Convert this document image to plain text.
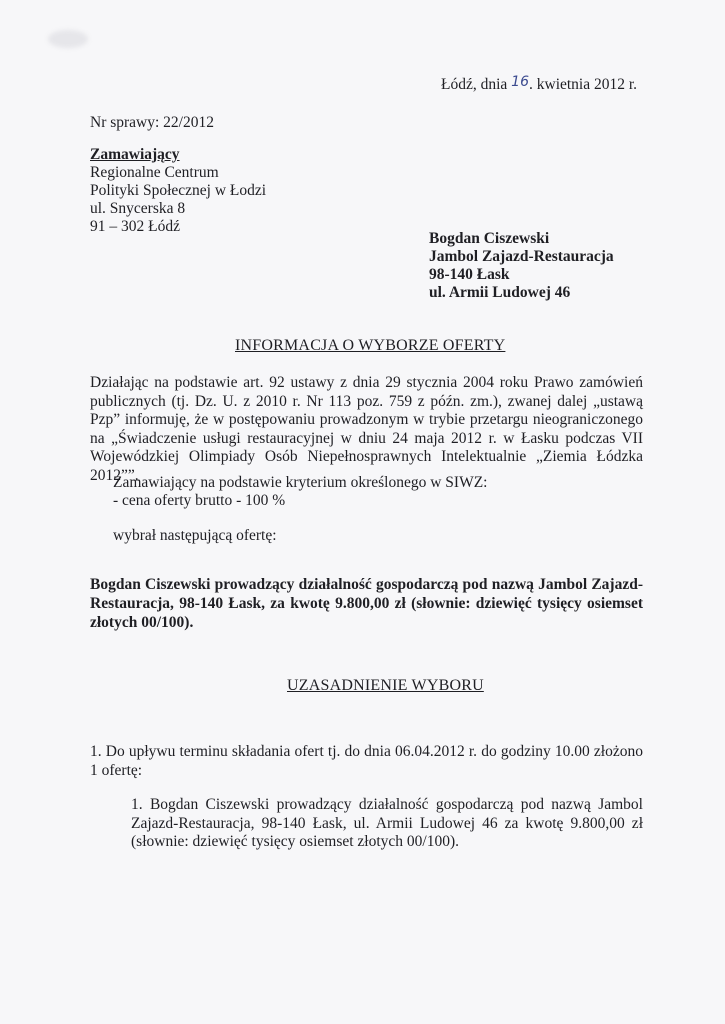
Łódź, dnia 16. kwietnia 2012 r.
Nr sprawy: 22/2012
Zamawiający
Regionalne Centrum
Polityki Społecznej w Łodzi
ul. Snycerska 8
91 – 302 Łódź
Bogdan Ciszewski
Jambol Zajazd-Restauracja
98-140 Łask
ul. Armii Ludowej 46
INFORMACJA O WYBORZE OFERTY
Działając na podstawie art. 92 ustawy z dnia 29 stycznia 2004 roku Prawo zamówień publicznych (tj. Dz. U. z 2010 r. Nr 113 poz. 759 z późn. zm.), zwanej dalej „ustawą Pzp” informuję, że w postępowaniu prowadzonym w trybie przetargu nieograniczonego na „Świadczenie usługi restauracyjnej w dniu 24 maja 2012 r. w Łasku podczas VII Wojewódzkiej Olimpiady Osób Niepełnosprawnych Intelektualnie „Ziemia Łódzka 2012””.
Zamawiający na podstawie kryterium określonego w SIWZ:
- cena oferty brutto - 100 %
wybrał następującą ofertę:
Bogdan Ciszewski prowadzący działalność gospodarczą pod nazwą Jambol Zajazd-Restauracja, 98-140 Łask, za kwotę 9.800,00 zł (słownie: dziewięć tysięcy osiemset złotych 00/100).
UZASADNIENIE WYBORU
1. Do upływu terminu składania ofert tj. do dnia 06.04.2012 r. do godziny 10.00 złożono 1 ofertę:
1. Bogdan Ciszewski prowadzący działalność gospodarczą pod nazwą Jambol Zajazd-Restauracja, 98-140 Łask, ul. Armii Ludowej 46 za kwotę 9.800,00 zł (słownie: dziewięć tysięcy osiemset złotych 00/100).
